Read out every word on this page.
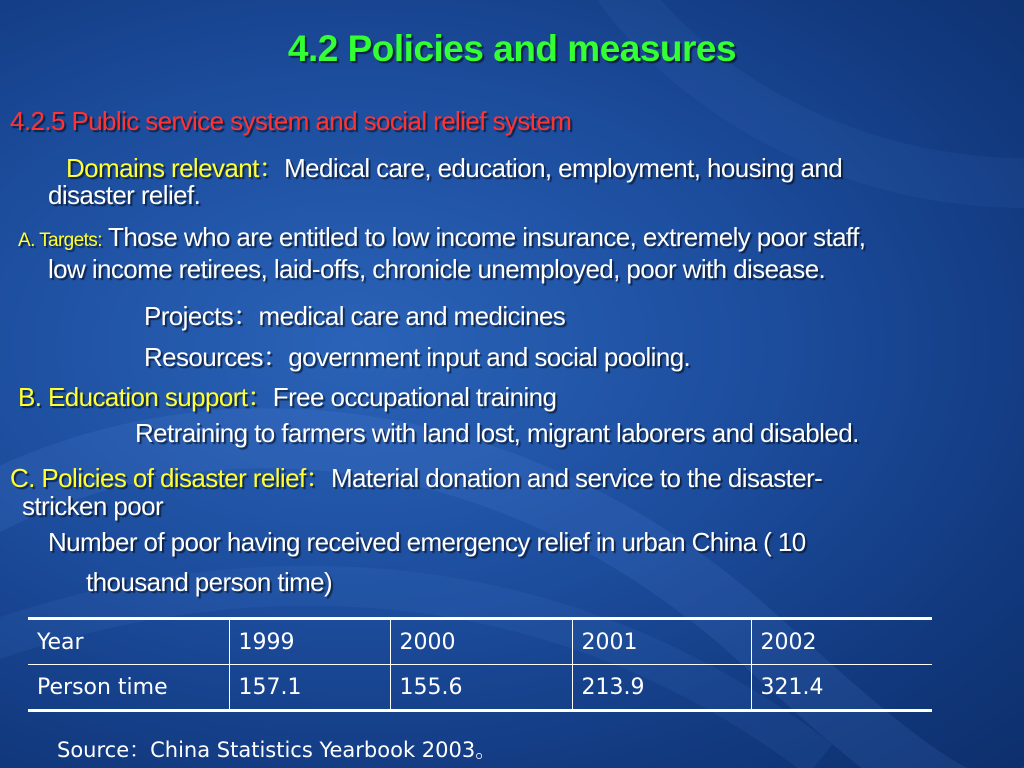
4.2 Policies and measures
4.2.5 Public service system and social relief system
Domains relevant：Medical care, education, employment, housing and
disaster relief.
A. Targets: Those who are entitled to low income insurance, extremely poor staff,
low income retirees, laid-offs, chronicle unemployed, poor with disease.
Projects：medical care and medicines
Resources：government input and social pooling.
B. Education support：Free occupational training
Retraining to farmers with land lost, migrant laborers and disabled.
C. Policies of disaster relief：Material donation and service to the disaster-
stricken poor
Number of poor having received emergency relief in urban China ( 10
thousand person time)
Year	1999	2000	2001	2002
Person time	157.1	155.6	213.9	321.4
Source：China Statistics Yearbook 2003。
